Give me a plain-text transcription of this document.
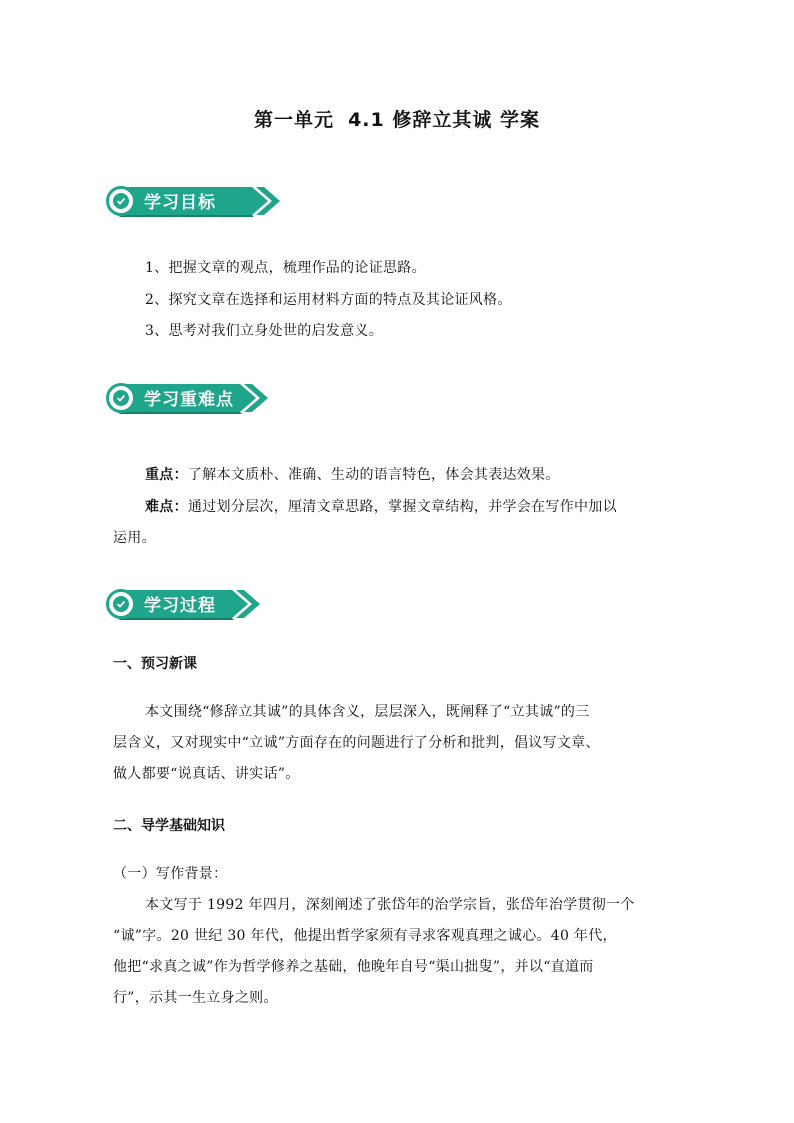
第一单元 4.1 修辞立其诚 学案
学习目标
1、把握文章的观点，梳理作品的论证思路。
2、探究文章在选择和运用材料方面的特点及其论证风格。
3、思考对我们立身处世的启发意义。
学习重难点
重点：了解本文质朴、准确、生动的语言特色，体会其表达效果。
难点：通过划分层次，厘清文章思路，掌握文章结构，并学会在写作中加以
运用。
学习过程
一、预习新课
本文围绕“修辞立其诚”的具体含义，层层深入，既阐释了“立其诚”的三
层含义，又对现实中“立诚”方面存在的问题进行了分析和批判，倡议写文章、
做人都要“说真话、讲实话”。
二、导学基础知识
（一）写作背景：
本文写于 1992 年四月，深刻阐述了张岱年的治学宗旨，张岱年治学贯彻一个
“诚”字。20 世纪 30 年代，他提出哲学家须有寻求客观真理之诚心。40 年代，
他把“求真之诚”作为哲学修养之基础，他晚年自号“渠山拙叟”，并以“直道而
行”，示其一生立身之则。
